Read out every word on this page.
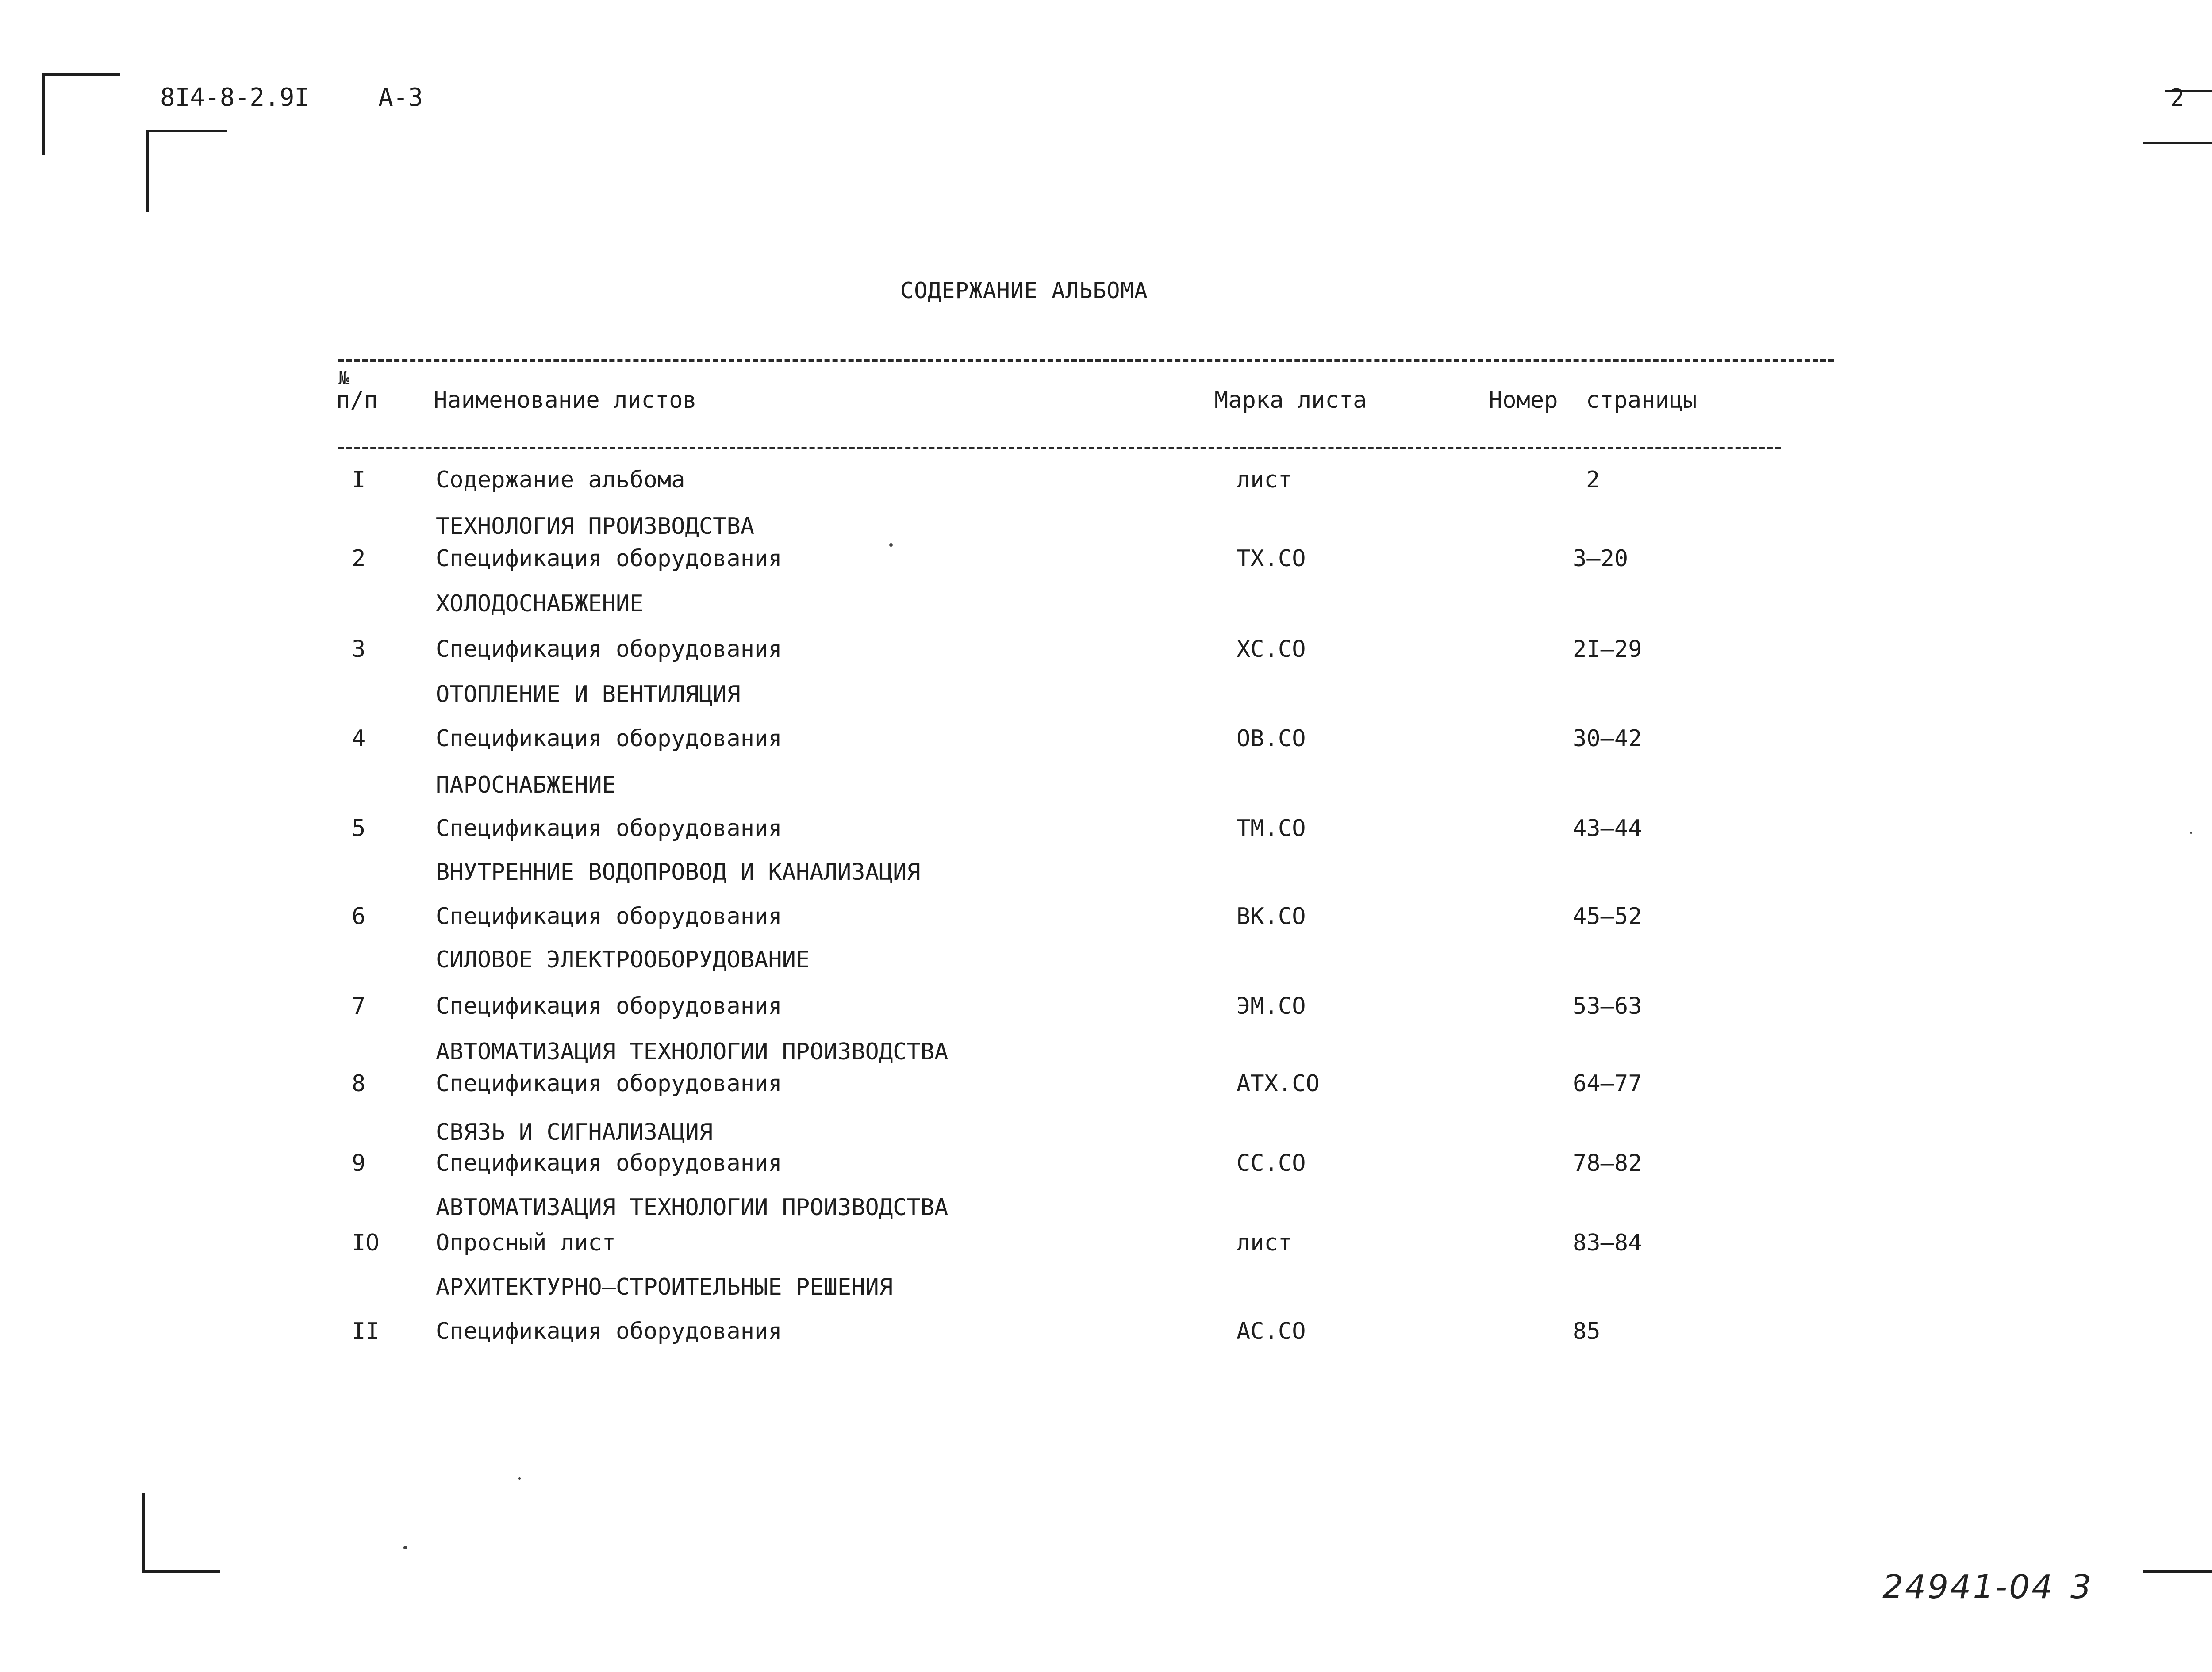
8I4-8-2.9I	А-3	2
СОДЕРЖАНИЕ АЛЬБОМА
№
п/п Наименование листов	Марка листа	Номер страницы
I	Содержание альбома	лист	2
ТЕХНОЛОГИЯ ПРОИЗВОДСТВА
2	Спецификация оборудования	ТХ.СО	3–20
ХОЛОДОСНАБЖЕНИЕ
3	Спецификация оборудования	ХС.СО	2I–29
ОТОПЛЕНИЕ И ВЕНТИЛЯЦИЯ
4	Спецификация оборудования	ОВ.СО	30–42
ПАРОСНАБЖЕНИЕ
5	Спецификация оборудования	ТМ.СО	43–44
ВНУТРЕННИЕ ВОДОПРОВОД И КАНАЛИЗАЦИЯ
6	Спецификация оборудования	ВК.СО	45–52
СИЛОВОЕ ЭЛЕКТРООБОРУДОВАНИЕ
7	Спецификация оборудования	ЭМ.СО	53–63
АВТОМАТИЗАЦИЯ ТЕХНОЛОГИИ ПРОИЗВОДСТВА
8	Спецификация оборудования	АТХ.СО	64–77
СВЯЗЬ И СИГНАЛИЗАЦИЯ
9	Спецификация оборудования	СС.СО	78–82
АВТОМАТИЗАЦИЯ ТЕХНОЛОГИИ ПРОИЗВОДСТВА
IO Опросный лист	лист	83–84
АРХИТЕКТУРНО–СТРОИТЕЛЬНЫЕ РЕШЕНИЯ
II Спецификация оборудования	АС.СО	85
24941-04 3
